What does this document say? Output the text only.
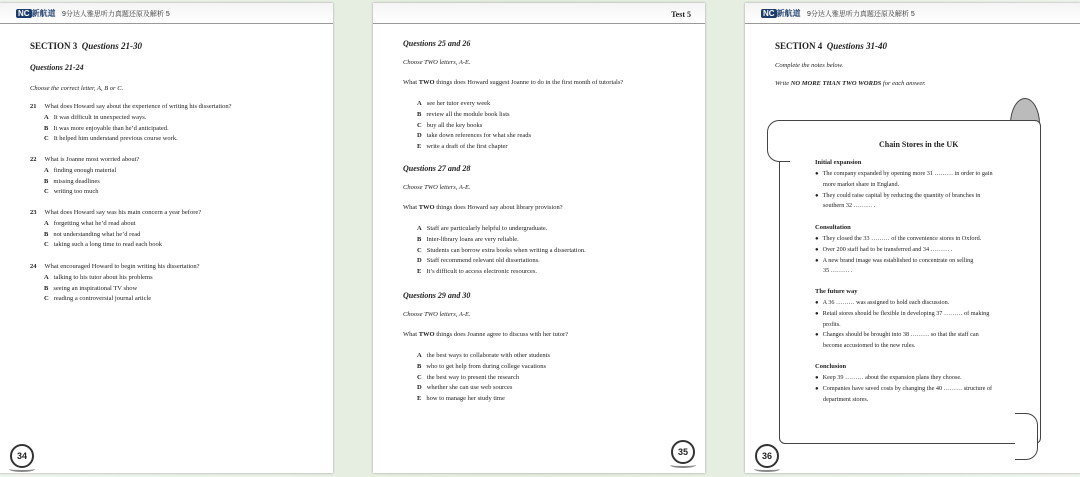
NC 新航道 9分达人雅思听力真题还原及解析 5
SECTION 3 Questions 21-30
Questions 21-24
Choose the correct letter, A, B or C.
34
21 What does Howard say about the experience of writing his dissertation?
A It was difficult in unexpected ways.
B It was more enjoyable than he’d anticipated.
C It helped him understand previous course work.
22 What is Joanne most worried about?
A finding enough material
B missing deadlines
C writing too much
23 What does Howard say was his main concern a year before?
A forgetting what he’d read about
B not understanding what he’d read
C taking such a long time to read each book
24 What encouraged Howard to begin writing his dissertation?
A talking to his tutor about his problems
B seeing an inspirational TV show
C reading a controversial journal article
Test 5
35
Questions 25 and 26
Choose TWO letters, A-E.
What TWO things does Howard suggest Joanne to do in the first month of tutorials?
A see her tutor every week
B review all the module book lists
C buy all the key books
D take down references for what she reads
E write a draft of the first chapter
Questions 27 and 28
Choose TWO letters, A-E.
What TWO things does Howard say about library provision?
A Staff are particularly helpful to undergraduate.
B Inter-library loans are very reliable.
C Students can borrow extra books when writing a dissertation.
D Staff recommend relevant old dissertations.
E It’s difficult to access electronic resources.
Questions 29 and 30
Choose TWO letters, A-E.
What TWO things does Joanne agree to discuss with her tutor?
A the best ways to collaborate with other students
B who to get help from during college vacations
C the best way to present the research
D whether she can use web sources
E how to manage her study time
NC 新航道 9分达人雅思听力真题还原及解析 5
SECTION 4 Questions 31-40
Complete the notes below.
Write NO MORE THAN TWO WORDS for each answer.
Chain Stores in the UK
36
Initial expansion
● The company expanded by opening more 31 ……… in order to gain
more market share in England.
● They could raise capital by reducing the quantity of branches in
southern 32 ……… .
Consultation
● They closed the 33 ……… of the convenience stores in Oxford.
● Over 200 staff had to be transferred and 34 ……… .
● A new brand image was established to concentrate on selling
35 ……… .
The future way
● A 36 ……… was assigned to hold each discussion.
● Retail stores should be flexible in developing 37 ……… of making
profits.
● Changes should be brought into 38 ……… so that the staff can
become accustomed to the new rules.
Conclusion
● Keep 39 ……… about the expansion plans they choose.
● Companies have saved costs by changing the 40 ……… structure of
department stores.
